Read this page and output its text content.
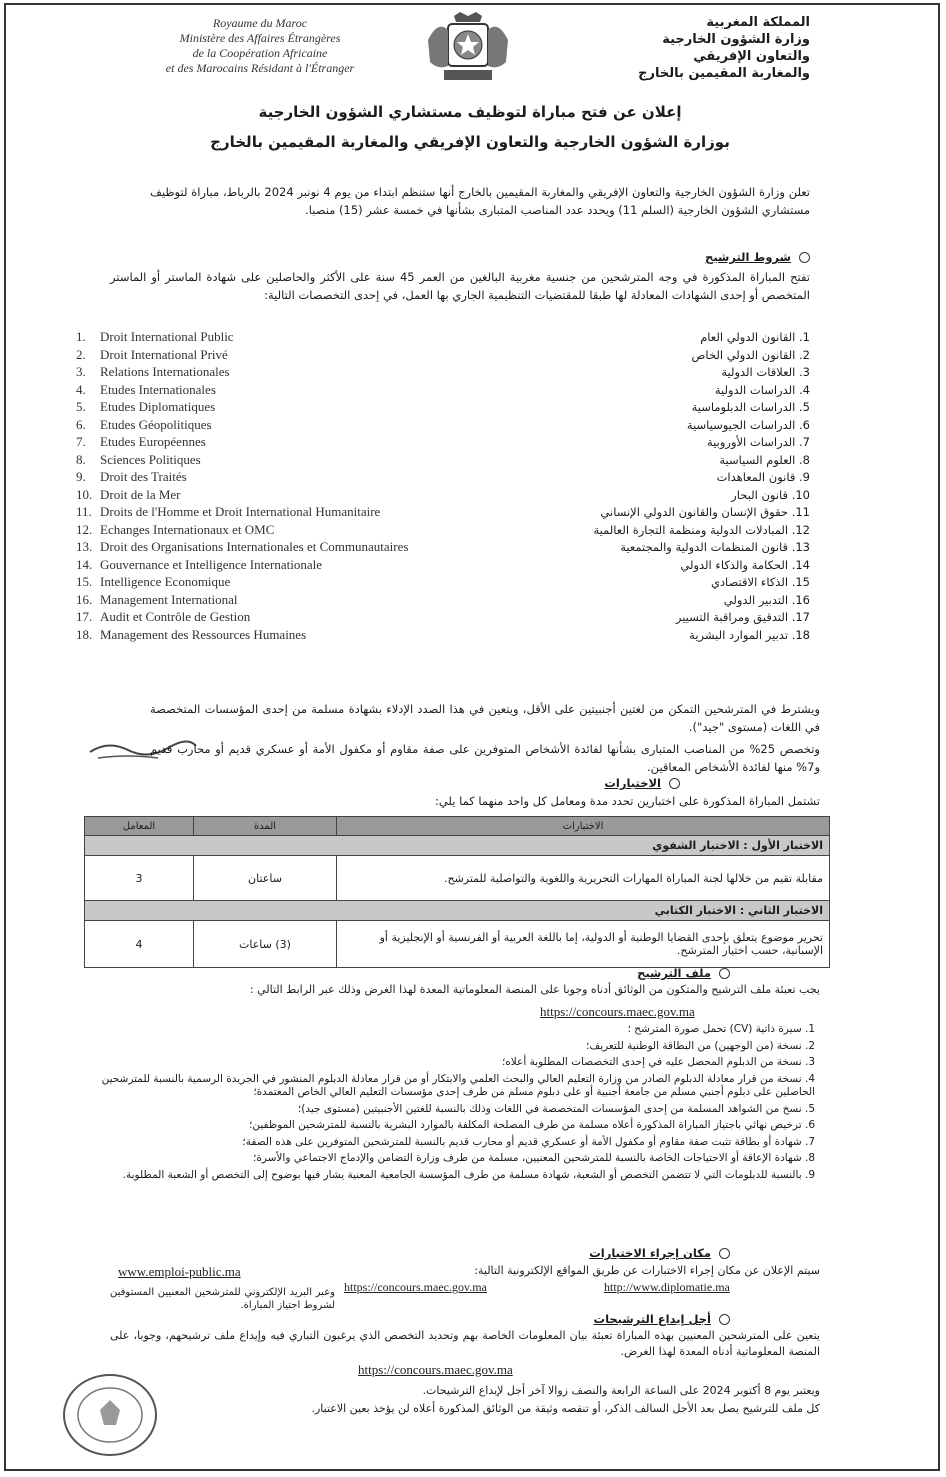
Royaume du Maroc
Ministère des Affaires Étrangères
de la Coopération Africaine
et des Marocains Résidant à l'Étranger
المملكة المغربية
وزارة الشؤون الخارجية
والتعاون الإفريقي
والمغاربة المقيمين بالخارج
إعلان عن فتح مباراة لتوظيف مستشاري الشؤون الخارجية
بوزارة الشؤون الخارجية والتعاون الإفريقي والمغاربة المقيمين بالخارج
تعلن وزارة الشؤون الخارجية والتعاون الإفريقي والمغاربة المقيمين بالخارج أنها ستنظم ابتداء من يوم 4 نونبر 2024 بالرباط، مباراة لتوظيف مستشاري الشؤون الخارجية (السلم 11) ويحدد عدد المناصب المتبارى بشأنها في خمسة عشر (15) منصبا.
شروط الترشيح
تفتح المباراة المذكورة في وجه المترشحين من جنسية مغربية البالغين من العمر 45 سنة على الأكثر والحاصلين على شهادة الماستر أو الماستر المتخصص أو إحدى الشهادات المعادلة لها طبقا للمقتضيات التنظيمية الجاري بها العمل، في إحدى التخصصات التالية:
1. Droit International Public
2. Droit International Privé
3. Relations Internationales
4. Etudes Internationales
5. Etudes Diplomatiques
6. Etudes Géopolitiques
7. Etudes Européennes
8. Sciences Politiques
9. Droit des Traités
10. Droit de la Mer
11. Droits de l'Homme et Droit International Humanitaire
12. Echanges Internationaux et OMC
13. Droit des Organisations Internationales et Communautaires
14. Gouvernance et Intelligence Internationale
15. Intelligence Economique
16. Management International
17. Audit et Contrôle de Gestion
18. Management des Ressources Humaines
1. القانون الدولي العام
2. القانون الدولي الخاص
3. العلاقات الدولية
4. الدراسات الدولية
5. الدراسات الدبلوماسية
6. الدراسات الجيوسياسية
7. الدراسات الأوروبية
8. العلوم السياسية
9. قانون المعاهدات
10. قانون البحار
11. حقوق الإنسان والقانون الدولي الإنساني
12. المبادلات الدولية ومنظمة التجارة العالمية
13. قانون المنظمات الدولية والمجتمعية
14. الحكامة والذكاء الدولي
15. الذكاء الاقتصادي
16. التدبير الدولي
17. التدقيق ومراقبة التسيير
18. تدبير الموارد البشرية
ويشترط في المترشحين التمكن من لغتين أجنبيتين على الأقل، ويتعين في هذا الصدد الإدلاء بشهادة مسلمة من إحدى المؤسسات المتخصصة في اللغات (مستوى "جيد").
وتخصص 25% من المناصب المتبارى بشأنها لفائدة الأشخاص المتوفرين على صفة مقاوم أو مكفول الأمة أو عسكري قديم أو محارب قديم و7% منها لفائدة الأشخاص المعاقين.
الاختبارات
تشتمل المباراة المذكورة على اختبارين تحدد مدة ومعامل كل واحد منهما كما يلي:
الاختبارات	المدة	المعامل
الاختبار الأول : الاختبار الشفوي		
مقابلة تقيم من خلالها لجنة المباراة المهارات التحريرية واللغوية والتواصلية للمترشح.	ساعتان	3
الاختبار الثاني : الاختبار الكتابي		
تحرير موضوع يتعلق بإحدى القضايا الوطنية أو الدولية، إما باللغة العربية أو الفرنسية أو الإنجليزية أو الإسبانية، حسب اختيار المترشح.	(3) ساعات	4
ملف الترشيح
يجب تعبئة ملف الترشيح والمتكون من الوثائق أدناه وجوبا على المنصة المعلوماتية المعدة لهذا الغرض وذلك عبر الرابط التالي :
https://concours.maec.gov.ma
1. سيرة ذاتية (CV) تحمل صورة المترشح ؛
2. نسخة (من الوجهين) من البطاقة الوطنية للتعريف؛
3. نسخة من الدبلوم المحصل عليه في إحدى التخصصات المطلوبة أعلاه؛
4. نسخة من قرار معادلة الدبلوم الصادر من وزارة التعليم العالي والبحث العلمي والابتكار أو من قرار معادلة الدبلوم المنشور في الجريدة الرسمية بالنسبة للمترشحين الحاصلين على دبلوم أجنبي مسلم من جامعة أجنبية أو على دبلوم مسلم من طرف إحدى مؤسسات التعليم العالي الخاص المعتمدة؛
5. نسخ من الشواهد المسلمة من إحدى المؤسسات المتخصصة في اللغات وذلك بالنسبة للغتين الأجنبيتين (مستوى جيد)؛
6. ترخيص نهائي باجتياز المباراة المذكورة أعلاه مسلمة من طرف المصلحة المكلفة بالموارد البشرية بالنسبة للمترشحين الموظفين؛
7. شهادة أو بطاقة تثبت صفة مقاوم أو مكفول الأمة أو عسكري قديم أو محارب قديم بالنسبة للمترشحين المتوفرين على هذه الصفة؛
8. شهادة الإعاقة أو الاحتياجات الخاصة بالنسبة للمترشحين المعنيين، مسلمة من طرف وزارة التضامن والإدماج الاجتماعي والأسرة؛
9. بالنسبة للدبلومات التي لا تتضمن التخصص أو الشعبة، شهادة مسلمة من طرف المؤسسة الجامعية المعنية يشار فيها بوضوح إلى التخصص أو الشعبة المطلوبة.
مكان إجراء الاختبارات
سيتم الإعلان عن مكان إجراء الاختبارات عن طريق المواقع الإلكترونية التالية:
www.emploi-public.ma
http://www.diplomatie.ma
https://concours.maec.gov.ma
وعبر البريد الإلكتروني للمترشحين المعنيين المستوفين لشروط اجتياز المباراة.
أجل إيداع الترشيحات
يتعين على المترشحين المعنيين بهذه المباراة تعبئة بيان المعلومات الخاصة بهم وتحديد التخصص الذي يرغبون التباري فيه وإيداع ملف ترشيحهم، وجوبا، على المنصة المعلوماتية أدناه المعدة لهذا الغرض.
https://concours.maec.gov.ma
ويعتبر يوم 8 أكتوبر 2024 على الساعة الرابعة والنصف زوالا آخر أجل لإيداع الترشيحات.
كل ملف للترشيح يصل بعد الأجل السالف الذكر، أو تنقصه وثيقة من الوثائق المذكورة أعلاه لن يؤخذ بعين الاعتبار.
